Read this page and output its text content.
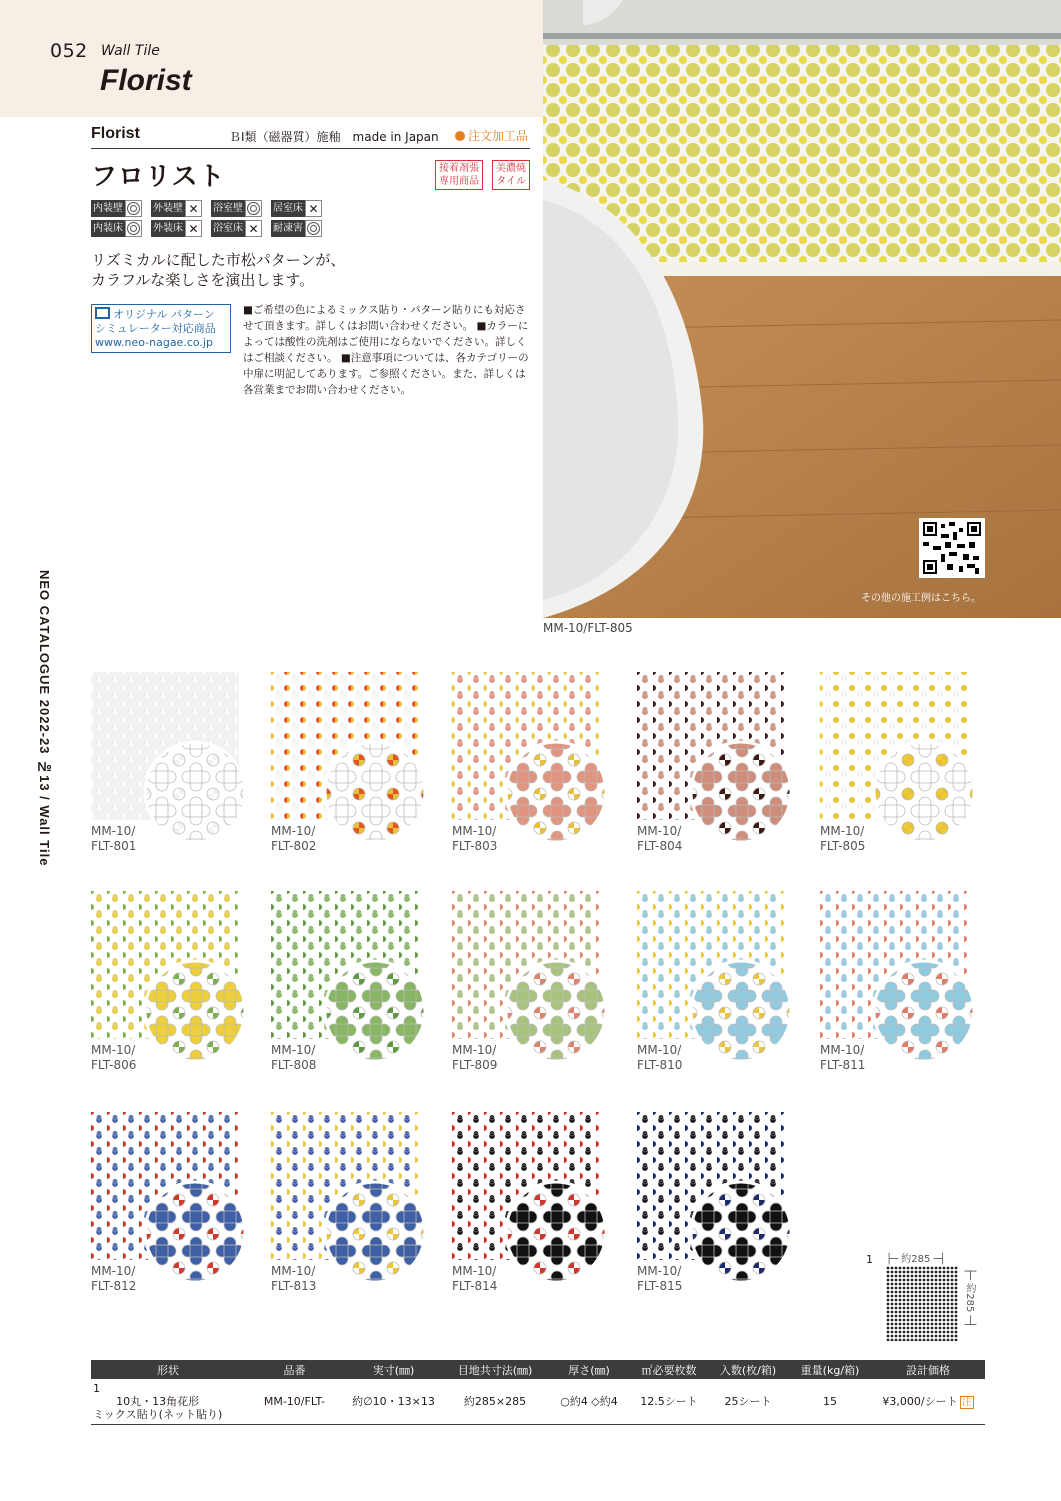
052 Wall Tile
Florist
Florist	ＢⅠ類（磁器質）施釉　made in Japan	注文加工品
フロリスト	接着剤張
専用商品
美濃焼
タイル
内装壁	外装壁 ✕	浴室壁	居室床 ✕
内装床	外装床 ✕	浴室床 ✕	耐凍害
リズミカルに配した市松パターンが、
カラフルな楽しさを演出します。
オリジナル パターン
シミュレーター対応商品
www.neo-nagae.co.jp
■ご希望の色によるミックス貼り・パターン貼りにも対応させて頂きます。詳しくはお問い合わせください。 ■カラーによっては酸性の洗剤はご使用にならないでください。詳しくはご相談ください。 ■注意事項については、各カテゴリーの中扉に明記してあります。ご参照ください。また、詳しくは各営業までお問い合わせください。
その他の施工例はこちら。
MM-10/FLT-805
NEO CATALOGUE 2022-23 №13 / Wall Tile	MM-10/
FLT-801
MM-10/
FLT-802
MM-10/
FLT-803
MM-10/
FLT-804
MM-10/
FLT-805
MM-10/
FLT-806
MM-10/
FLT-808
MM-10/
FLT-809
MM-10/
FLT-810
MM-10/
FLT-811
MM-10/
FLT-812
MM-10/
FLT-813
MM-10/
FLT-814
MM-10/
FLT-815
1 ├─ 約285 ─┤
├─ 約285 ─┤
形状	品番	実寸(㎜)	目地共寸法(㎜)	厚さ(㎜)	㎡必要枚数	入数(枚/箱)	重量(kg/箱)	設計価格
1 10丸・13角花形
ミックス貼り(ネット貼り)	MM-10/FLT-	約∅10・13×13	約285×285	○約4 ◇約4	12.5シート	25シート	15	¥3,000/シート 注
